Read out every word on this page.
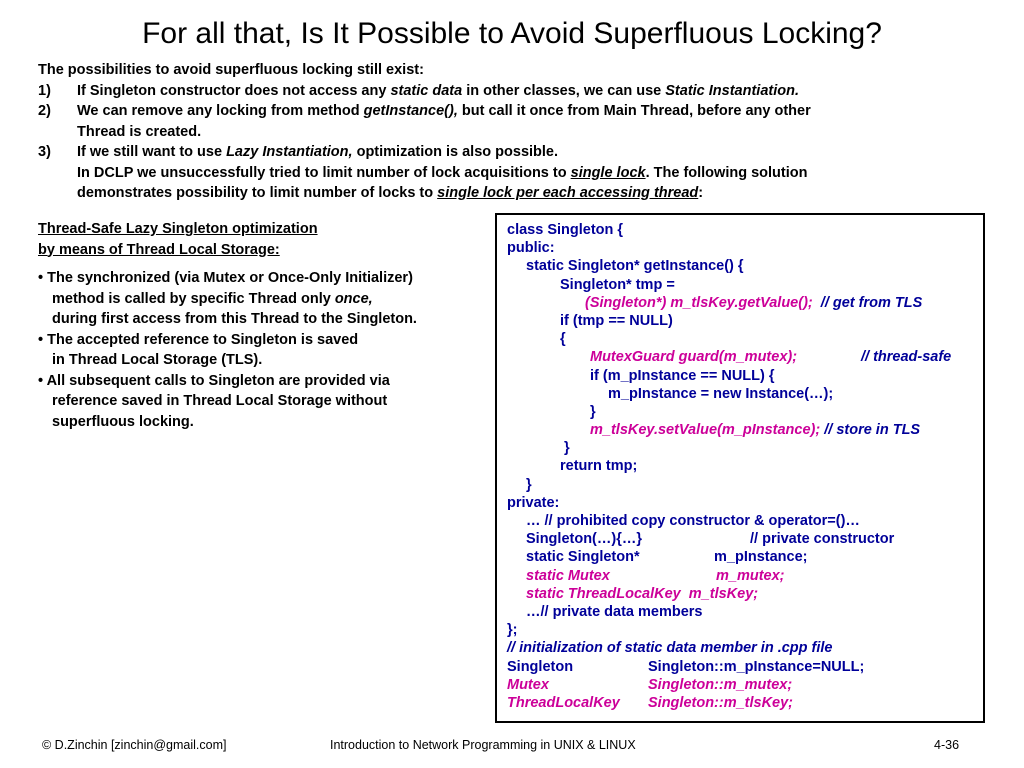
For all that, Is It Possible to Avoid Superfluous Locking?
The possibilities to avoid superfluous locking still exist:
1) If Singleton constructor does not access any static data in other classes, we can use Static Instantiation.
2) We can remove any locking from method getInstance(), but call it once from Main Thread, before any other
Thread is created.
3) If we still want to use Lazy Instantiation, optimization is also possible.
In DCLP we unsuccessfully tried to limit number of lock acquisitions to single lock. The following solution
demonstrates possibility to limit number of locks to single lock per each accessing thread:
Thread-Safe Lazy Singleton optimization
by means of Thread Local Storage:
• The synchronized (via Mutex or Once-Only Initializer)
method is called by specific Thread only once,
during first access from this Thread to the Singleton.
• The accepted reference to Singleton is saved
in Thread Local Storage (TLS).
• All subsequent calls to Singleton are provided via
reference saved in Thread Local Storage without
superfluous locking.
class Singleton {
public:
static Singleton* getInstance() {
Singleton* tmp =
(Singleton*) m_tlsKey.getValue();  // get from TLS
if (tmp == NULL)
{
MutexGuard guard(m_mutex);	// thread-safe
if (m_pInstance == NULL) {
m_pInstance = new Instance(…);
}
m_tlsKey.setValue(m_pInstance); // store in TLS
}
return tmp;
}
private:
… // prohibited copy constructor & operator=()…
Singleton(…){…}	// private constructor
static Singleton*	m_pInstance;
static Mutex	m_mutex;
static ThreadLocalKey  m_tlsKey;
…// private data members
};
// initialization of static data member in .cpp file
Singleton	Singleton::m_pInstance=NULL;
Mutex	Singleton::m_mutex;
ThreadLocalKey Singleton::m_tlsKey;
© D.Zinchin [zinchin@gmail.com]	Introduction to Network Programming in UNIX & LINUX	4-36
